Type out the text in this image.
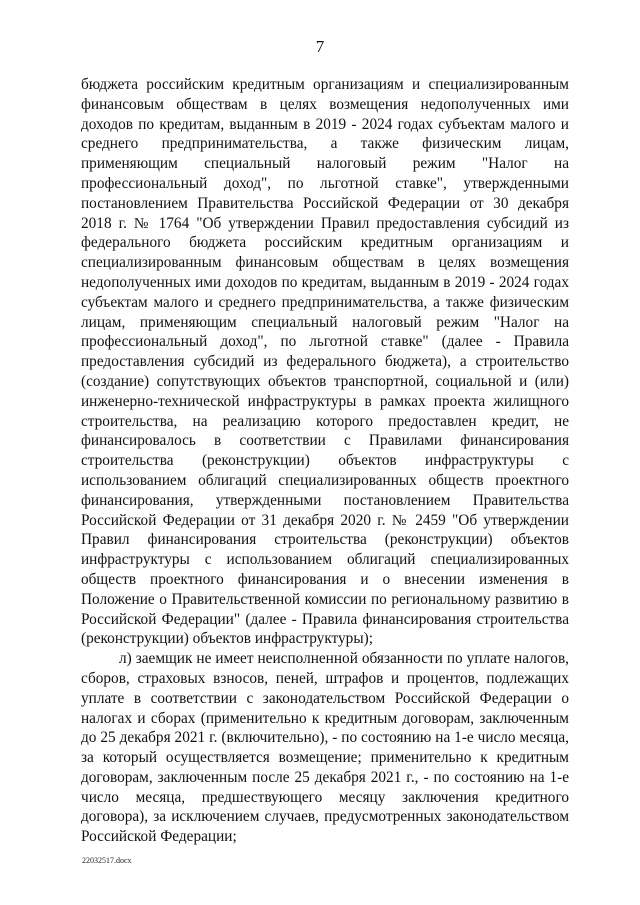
7

бюджета российским кредитным организациям и специализированным финансовым обществам в целях возмещения недополученных ими доходов по кредитам, выданным в 2019 - 2024 годах субъектам малого и среднего предпринимательства, а также физическим лицам, применяющим специальный налоговый режим "Налог на профессиональный доход", по льготной ставке", утвержденными постановлением Правительства Российской Федерации от 30 декабря 2018 г. № 1764 "Об утверждении Правил предоставления субсидий из федерального бюджета российским кредитным организациям и специализированным финансовым обществам в целях возмещения недополученных ими доходов по кредитам, выданным в 2019 - 2024 годах субъектам малого и среднего предпринимательства, а также физическим лицам, применяющим специальный налоговый режим "Налог на профессиональный доход", по льготной ставке" (далее - Правила предоставления субсидий из федерального бюджета), а строительство (создание) сопутствующих объектов транспортной, социальной и (или) инженерно-технической инфраструктуры в рамках проекта жилищного строительства, на реализацию которого предоставлен кредит, не финансировалось в соответствии с Правилами финансирования строительства (реконструкции) объектов инфраструктуры с использованием облигаций специализированных обществ проектного финансирования, утвержденными постановлением Правительства Российской Федерации от 31 декабря 2020 г. № 2459 "Об утверждении Правил финансирования строительства (реконструкции) объектов инфраструктуры с использованием облигаций специализированных обществ проектного финансирования и о внесении изменения в Положение о Правительственной комиссии по региональному развитию в Российской Федерации" (далее - Правила финансирования строительства (реконструкции) объектов инфраструктуры);

л) заемщик не имеет неисполненной обязанности по уплате налогов, сборов, страховых взносов, пеней, штрафов и процентов, подлежащих уплате в соответствии с законодательством Российской Федерации о налогах и сборах (применительно к кредитным договорам, заключенным до 25 декабря 2021 г. (включительно), - по состоянию на 1-е число месяца, за который осуществляется возмещение; применительно к кредитным договорам, заключенным после 25 декабря 2021 г., - по состоянию на 1-е число месяца, предшествующего месяцу заключения кредитного договора), за исключением случаев, предусмотренных законодательством Российской Федерации;

22032517.docx
